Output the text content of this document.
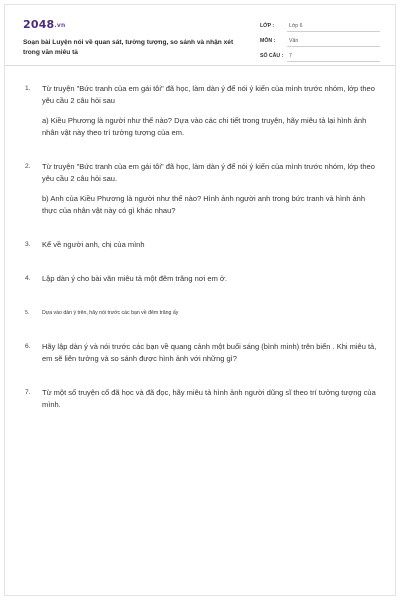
2048.vn
Soạn bài Luyện nói về quan sát, tưởng tượng, so sánh và nhận xét trong văn miêu tả
LỚP :	Lớp 6
MÔN :	Văn
SỐ CÂU :	7
1. Từ truyện "Bức tranh của em gái tôi" đã học, làm dàn ý để nói ý kiến của mình trước nhóm, lớp theo yêu cầu 2 câu hỏi sau

a) Kiều Phương là người như thế nào? Dựa vào các chi tiết trong truyện, hãy miêu tả lại hình ảnh nhân vật này theo trí tưởng tượng của em.

2. Từ truyện "Bức tranh của em gái tôi" đã học, làm dàn ý để nói ý kiến của mình trước nhóm, lớp theo yêu cầu 2 câu hỏi sau.

b) Anh của Kiều Phương là người như thế nào? Hình ảnh người anh trong bức tranh và hình ảnh thực của nhân vật này có gì khác nhau?

3. Kể về người anh, chị của mình

4. Lập dàn ý cho bài văn miêu tả một đêm trăng nơi em ở.

5. Dựa vào dàn ý trên, hãy nói trước các bạn về đêm trăng ấy

6. Hãy lập dàn ý và nói trước các bạn về quang cảnh một buổi sáng (bình minh) trên biển . Khi miêu tả, em sẽ liên tưởng và so sánh được hình ảnh với những gì?

7. Từ một số truyện cổ đã học và đã đọc, hãy miêu tả hình ảnh người dũng sĩ theo trí tưởng tượng của mình.
